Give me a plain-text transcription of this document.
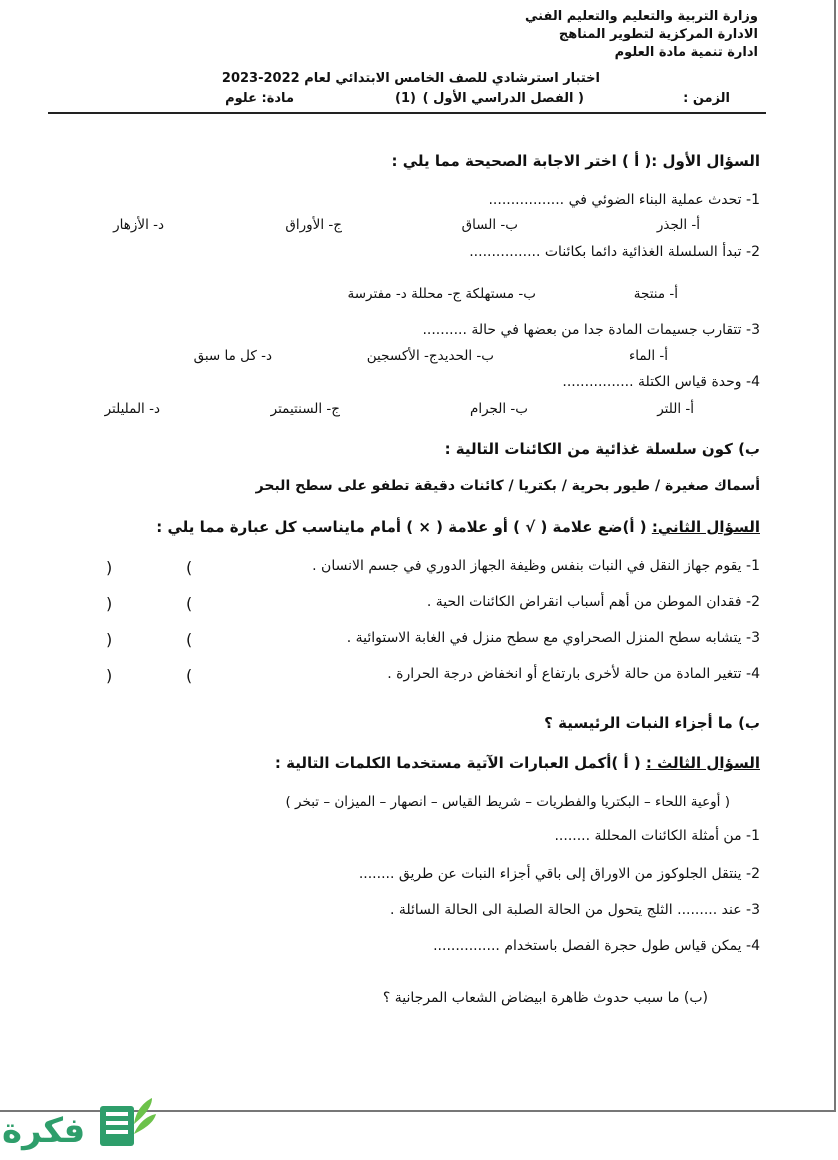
وزارة التربية والتعليم والتعليم الفني
الادارة المركزية لتطوير المناهج
ادارة تنمية مادة العلوم
اختبار استرشادي للصف الخامس الابتدائي لعام 2022-2023
الزمن :
( الفصل الدراسي الأول )
(1)
مادة: علوم
السؤال الأول :( أ ) اختر الاجابة الصحيحة مما يلي :
1- تحدث عملية البناء الضوئي في .................
أ- الجذر
ب- الساق
ج- الأوراق
د- الأزهار
2- تبدأ السلسلة الغذائية دائما بكائنات ................
أ- منتجة
ب- مستهلكة ج- محللة د- مفترسة
3- تتقارب جسيمات المادة جدا من بعضها في حالة ..........
أ- الماء
ب- الحديدج- الأكسجين
د- كل ما سبق
4- وحدة قياس الكتلة ................
أ- اللتر
ب- الجرام
ج- السنتيمتر
د- المليلتر
ب) كون سلسلة غذائية من الكائنات التالية :
أسماك صغيرة / طيور بحرية / بكتريا / كائنات دقيقة تطفو على سطح البحر
السؤال الثاني: ( أ)ضع علامة ( √ ) أو علامة ( × ) أمام مايناسب كل عبارة مما يلي :
1- يقوم جهاز النقل في النبات بنفس وظيفة الجهاز الدوري في جسم الانسان .
)	(
2- فقدان الموطن من أهم أسباب انقراض الكائنات الحية .
)	(
3- يتشابه سطح المنزل الصحراوي مع سطح منزل في الغابة الاستوائية .
)	(
4- تتغير المادة من حالة لأخرى بارتفاع أو انخفاض درجة الحرارة .
)	(
ب) ما أجزاء النبات الرئيسية ؟
السؤال الثالث : ( أ )أكمل العبارات الآتية مستخدما الكلمات التالية :
( أوعية اللحاء – البكتريا والفطريات – شريط القياس – انصهار – الميزان – تبخر )
1- من أمثلة الكائنات المحللة ........
2- ينتقل الجلوكوز من الاوراق إلى باقي أجزاء النبات عن طريق ........
3- عند ......... الثلج يتحول من الحالة الصلبة الى الحالة السائلة .
4- يمكن قياس طول حجرة الفصل باستخدام ...............
(ب) ما سبب حدوث ظاهرة ابيضاض الشعاب المرجانية ؟
فكرة
